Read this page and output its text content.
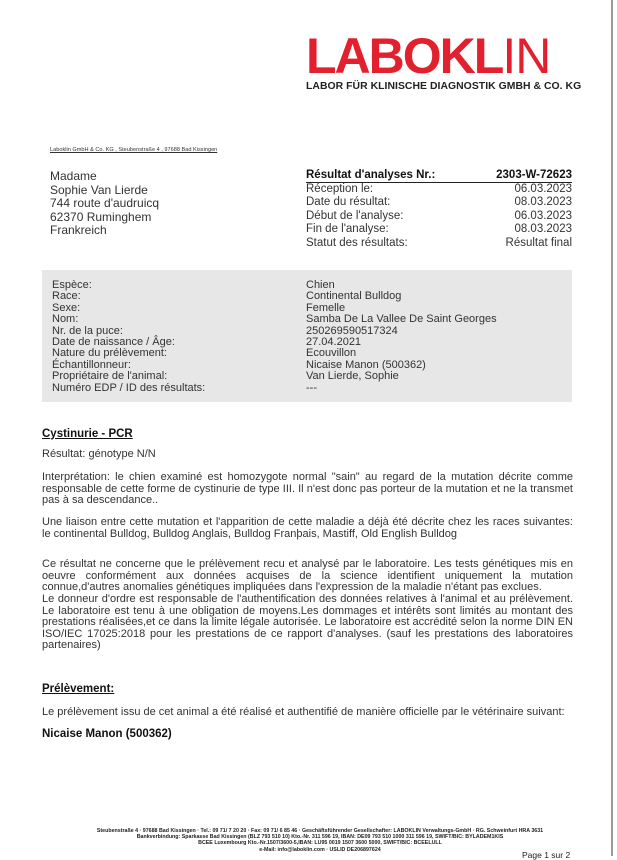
LABOKLIN
LABOR FÜR KLINISCHE DIAGNOSTIK GMBH & CO. KG
Laboklin GmbH & Co. KG , Steubenstraße 4 , 97688 Bad Kissingen
Madame
Sophie Van Lierde
744 route d'audruicq
62370 Ruminghem
Frankreich
Résultat d'analyses Nr.:	2303-W-72623
Réception le:	06.03.2023
Date du résultat:	08.03.2023
Début de l'analyse:	06.03.2023
Fin de l'analyse:	08.03.2023
Statut des résultats:	Résultat final
Espèce:	Chien
Race:	Continental Bulldog
Sexe:	Femelle
Nom:	Samba De La Vallee De Saint Georges
Nr. de la puce:	250269590517324
Date de naissance / Âge:	27.04.2021
Nature du prélèvement:	Ecouvillon
Échantillonneur:	Nicaise Manon (500362)
Propriétaire de l'animal:	Van Lierde, Sophie
Numéro EDP / ID des résultats:	---
Cystinurie - PCR
Résultat: génotype N/N
Interprétation: le chien examiné est homozygote normal "sain" au regard de la mutation décrite comme responsable de cette forme de cystinurie de type III. Il n'est donc pas porteur de la mutation et ne la transmet pas à sa descendance..
Une liaison entre cette mutation et l'apparition de cette maladie a déjà été décrite chez les races suivantes: le continental Bulldog, Bulldog Anglais, Bulldog Franþais, Mastiff, Old English Bulldog
Ce résultat ne concerne que le prélèvement recu et analysé par le laboratoire. Les tests génétiques mis en oeuvre conformément aux données acquises de la science identifient uniquement la mutation connue,d'autres anomalies génétiques impliquées dans l'expression de la maladie n'étant pas exclues.
Le donneur d'ordre est responsable de l'authentification des données relatives à l'animal et au prélèvement. Le laboratoire est tenu à une obligation de moyens.Les dommages et intérêts sont limités au montant des prestations réalisées,et ce dans la limite légale autorisée. Le laboratoire est accrédité selon la norme DIN EN ISO/IEC 17025:2018 pour les prestations de ce rapport d'analyses. (sauf les prestations des laboratoires partenaires)
Prélèvement:
Le prélèvement issu de cet animal a été réalisé et authentifié de manière officielle par le vétérinaire suivant:
Nicaise Manon (500362)
Steubenstraße 4 · 97688 Bad Kissingen · Tel.: 09 71/ 7 20 20 · Fax: 09 71/ 6 85 46 · Geschäftsführender Gesellschafter: LABOKLIN Verwaltungs-GmbH · RG. Schweinfurt HRA 3631
Bankverbindung: Sparkasse Bad Kissingen (BLZ 793 510 10) Kto.-Nr. 311 596 19, IBAN: DE09 793 510 1000 311 596 19, SWIFT/BIC: BYLADEM1KIS
BCEE Luxembourg Kto.-Nr.1507/3600-5,IBAN: LU95 0019 1507 3600 5000, SWIFT/BIC: BCEELULL
e-Mail: info@laboklin.com · USLID DE206897624
Page 1 sur 2
